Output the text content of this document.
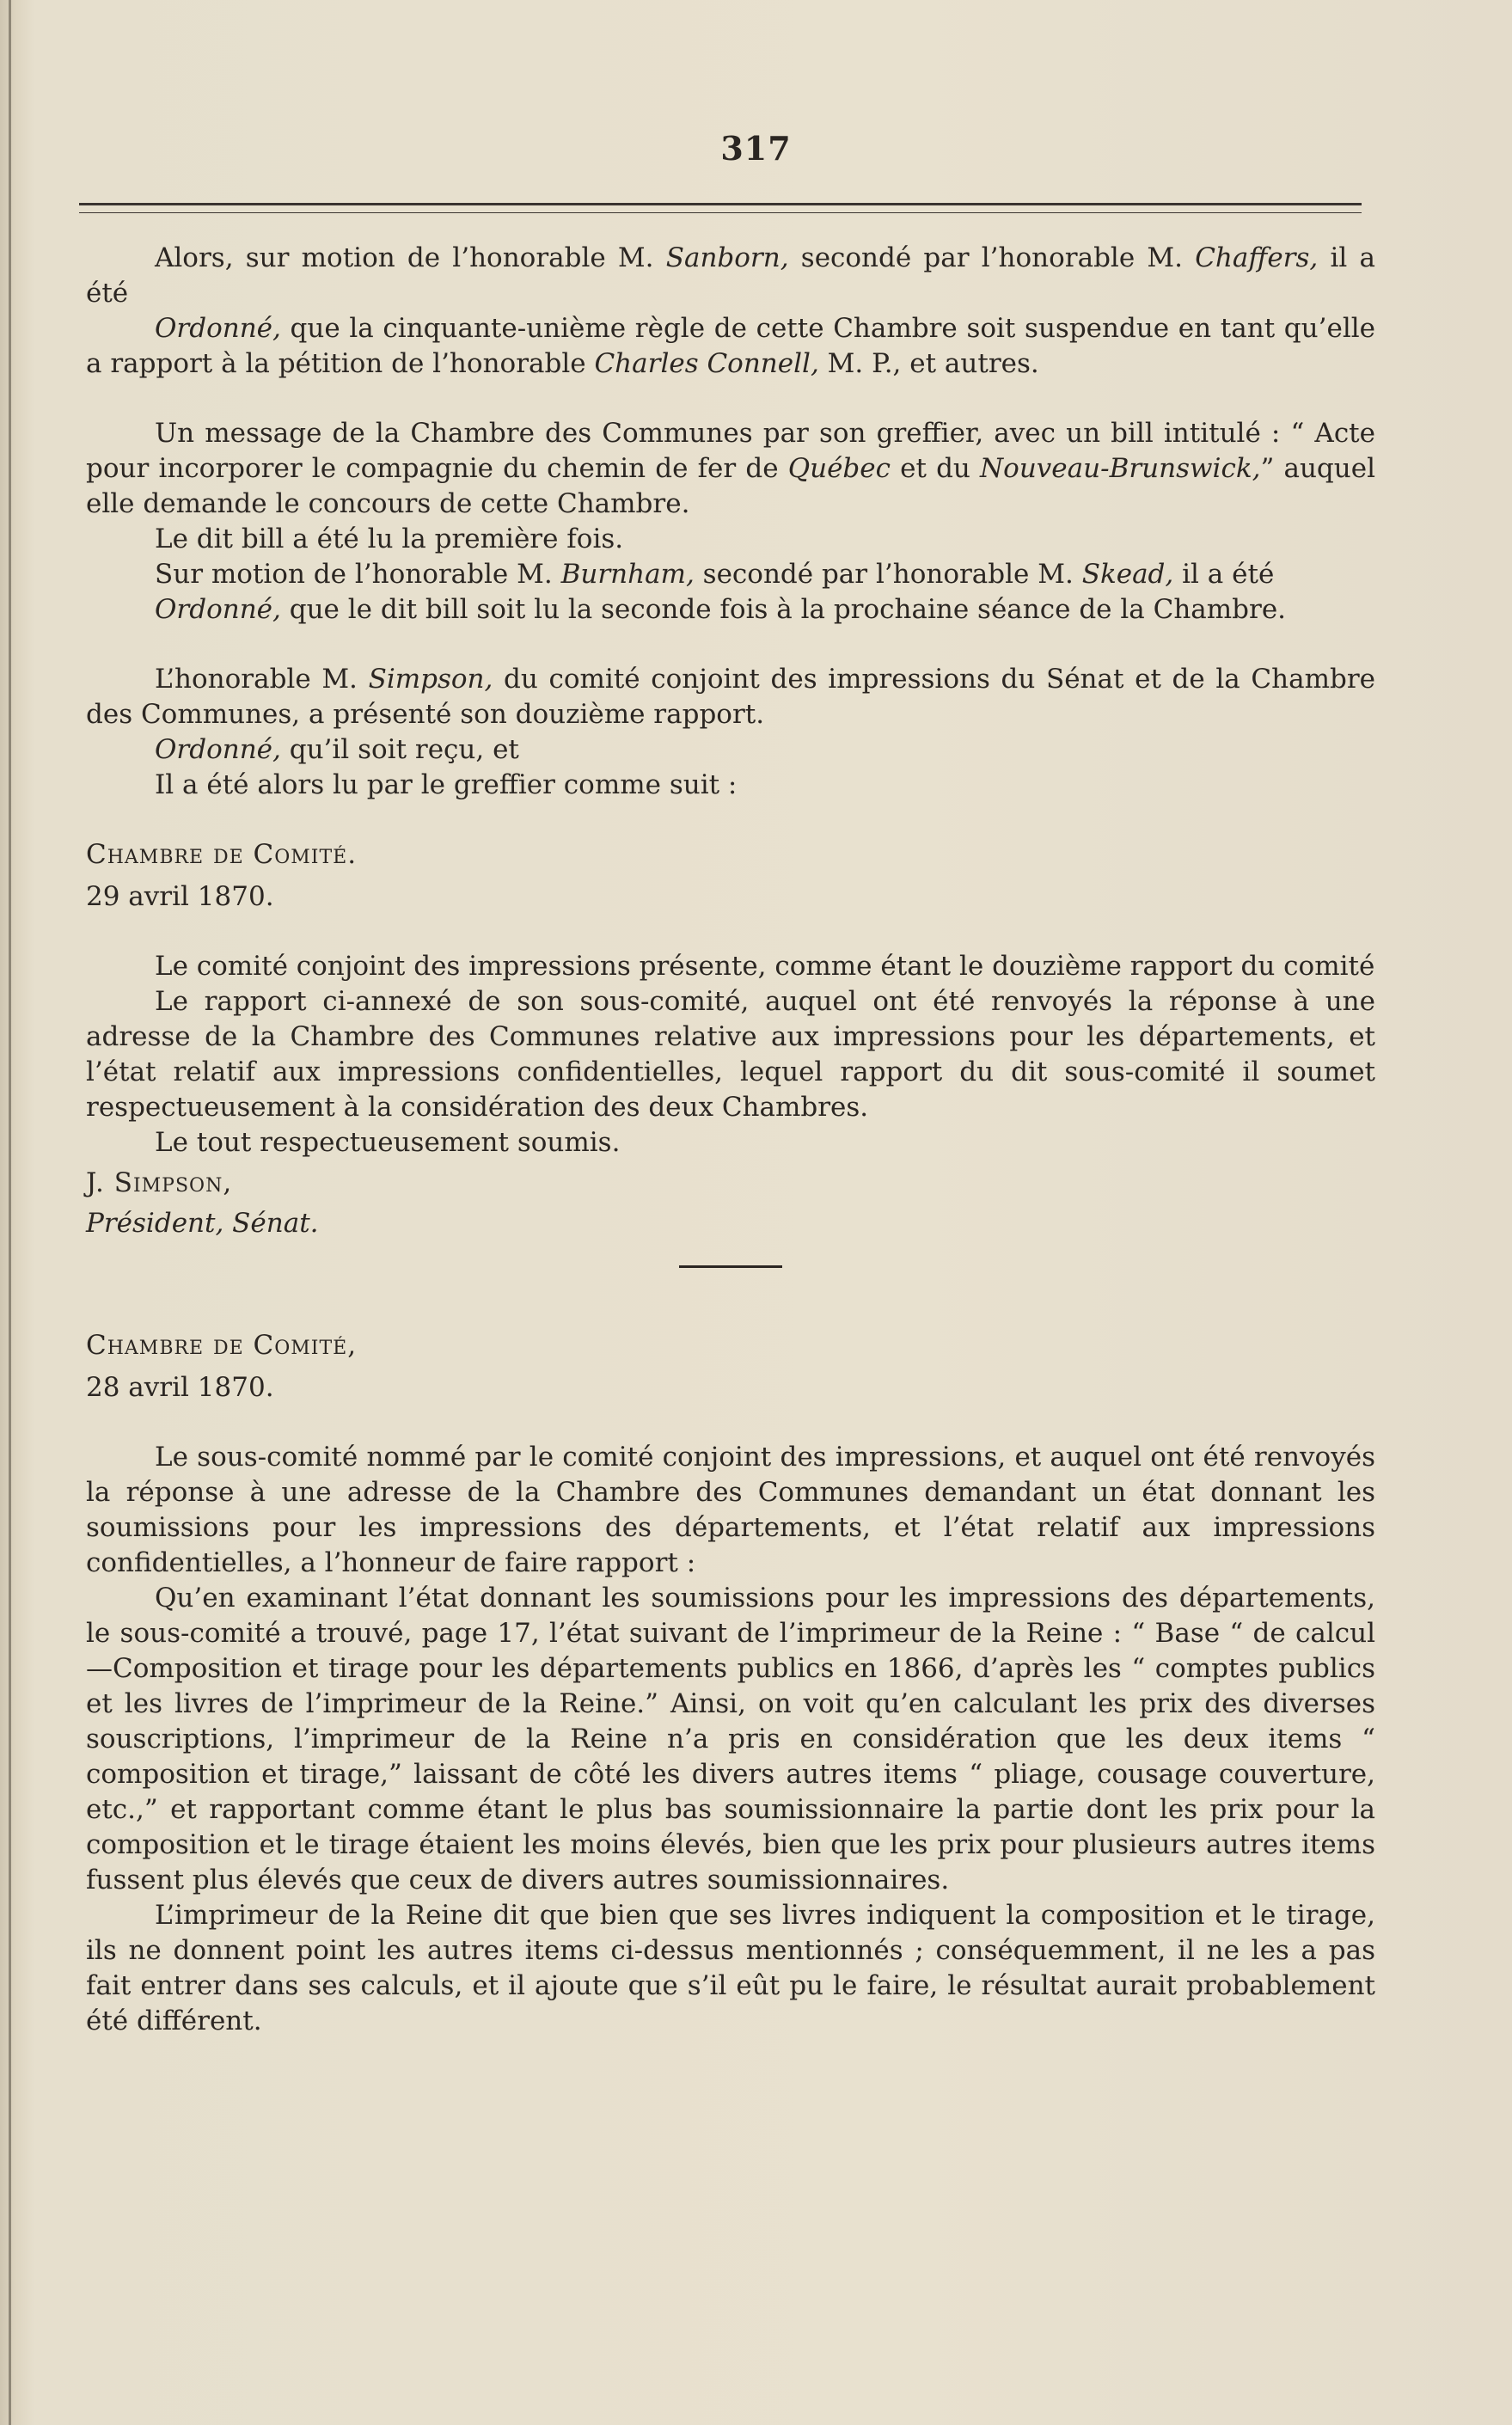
317

Alors, sur motion de l’honorable M. Sanborn, secondé par l’honorable M. Chaffers, il a été

Ordonné, que la cinquante-unième règle de cette Chambre soit suspendue en tant qu’elle a rapport à la pétition de l’honorable Charles Connell, M. P., et autres.

Un message de la Chambre des Communes par son greffier, avec un bill intitulé : “ Acte pour incorporer le compagnie du chemin de fer de Québec et du Nouveau-Brunswick,” auquel elle demande le concours de cette Chambre.

Le dit bill a été lu la première fois.

Sur motion de l’honorable M. Burnham, secondé par l’honorable M. Skead, il a été

Ordonné, que le dit bill soit lu la seconde fois à la prochaine séance de la Chambre.

L’honorable M. Simpson, du comité conjoint des impressions du Sénat et de la Chambre des Communes, a présenté son douzième rapport.

Ordonné, qu’il soit reçu, et

Il a été alors lu par le greffier comme suit :

Chambre de Comité.

29 avril 1870.

Le comité conjoint des impressions présente, comme étant le douzième rapport du comité

Le rapport ci-annexé de son sous-comité, auquel ont été renvoyés la réponse à une adresse de la Chambre des Communes relative aux impressions pour les départements, et l’état relatif aux impressions confidentielles, lequel rapport du dit sous-comité il soumet respectueusement à la considération des deux Chambres.

Le tout respectueusement soumis.

J. Simpson,

Président, Sénat.

Chambre de Comité,

28 avril 1870.

Le sous-comité nommé par le comité conjoint des impressions, et auquel ont été renvoyés la réponse à une adresse de la Chambre des Communes demandant un état donnant les soumissions pour les impressions des départements, et l’état relatif aux impressions confidentielles, a l’honneur de faire rapport :

Qu’en examinant l’état donnant les soumissions pour les impressions des départements, le sous-comité a trouvé, page 17, l’état suivant de l’imprimeur de la Reine : “ Base “ de calcul—Composition et tirage pour les départements publics en 1866, d’après les “ comptes publics et les livres de l’imprimeur de la Reine.” Ainsi, on voit qu’en calculant les prix des diverses souscriptions, l’imprimeur de la Reine n’a pris en considération que les deux items “ composition et tirage,” laissant de côté les divers autres items “ pliage, cousage couverture, etc.,” et rapportant comme étant le plus bas soumissionnaire la partie dont les prix pour la composition et le tirage étaient les moins élevés, bien que les prix pour plusieurs autres items fussent plus élevés que ceux de divers autres soumissionnaires.

L’imprimeur de la Reine dit que bien que ses livres indiquent la composition et le tirage, ils ne donnent point les autres items ci-dessus mentionnés ; conséquemment, il ne les a pas fait entrer dans ses calculs, et il ajoute que s’il eût pu le faire, le résultat aurait probablement été différent.
